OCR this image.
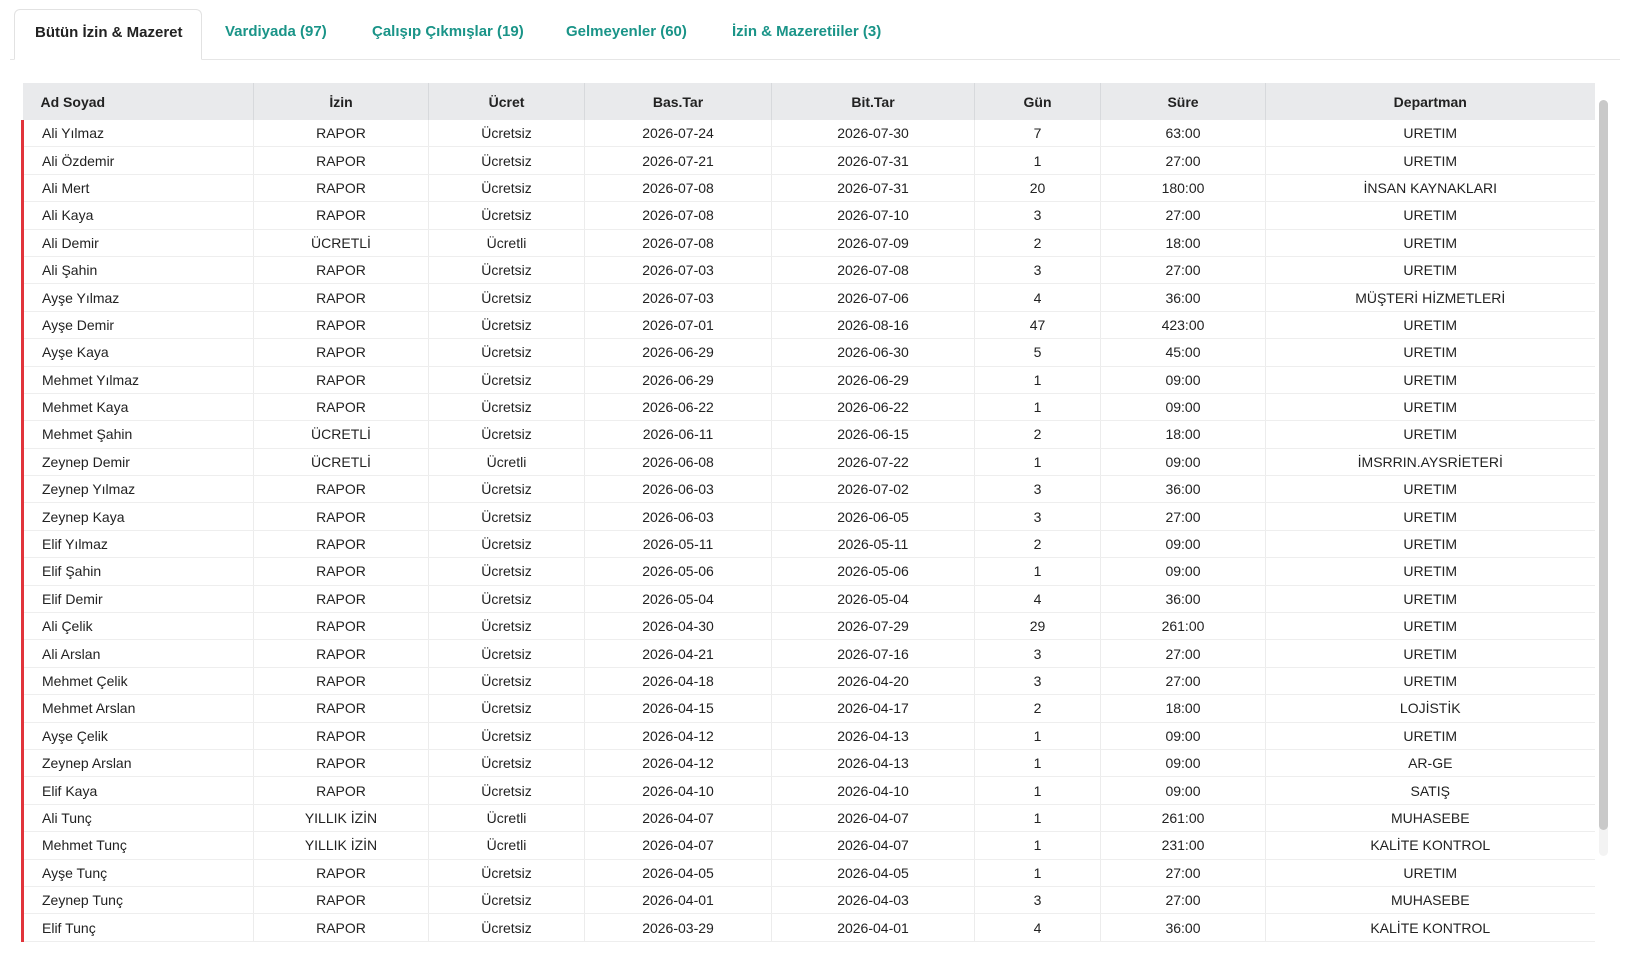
Bütün İzin & Mazeret	Vardiyada (97)	Çalışıp Çıkmışlar (19)	Gelmeyenler (60)	İzin & Mazeretiiler (3)
Ad Soyad	İzin	Ücret	Bas.Tar	Bit.Tar	Gün	Süre	Departman
Ali Yılmaz	RAPOR	Ücretsiz	2026-07-24	2026-07-30	7	63:00	URETIM
Ali Özdemir	RAPOR	Ücretsiz	2026-07-21	2026-07-31	1	27:00	URETIM
Ali Mert	RAPOR	Ücretsiz	2026-07-08	2026-07-31	20	180:00	İNSAN KAYNAKLARI
Ali Kaya	RAPOR	Ücretsiz	2026-07-08	2026-07-10	3	27:00	URETIM
Ali Demir	ÜCRETLİ	Ücretli	2026-07-08	2026-07-09	2	18:00	URETIM
Ali Şahin	RAPOR	Ücretsiz	2026-07-03	2026-07-08	3	27:00	URETIM
Ayşe Yılmaz	RAPOR	Ücretsiz	2026-07-03	2026-07-06	4	36:00	MÜŞTERİ HİZMETLERİ
Ayşe Demir	RAPOR	Ücretsiz	2026-07-01	2026-08-16	47	423:00	URETIM
Ayşe Kaya	RAPOR	Ücretsiz	2026-06-29	2026-06-30	5	45:00	URETIM
Mehmet Yılmaz	RAPOR	Ücretsiz	2026-06-29	2026-06-29	1	09:00	URETIM
Mehmet Kaya	RAPOR	Ücretsiz	2026-06-22	2026-06-22	1	09:00	URETIM
Mehmet Şahin	ÜCRETLİ	Ücretsiz	2026-06-11	2026-06-15	2	18:00	URETIM
Zeynep Demir	ÜCRETLİ	Ücretli	2026-06-08	2026-07-22	1	09:00	İMSRRIN.AYSRİETERİ
Zeynep Yılmaz	RAPOR	Ücretsiz	2026-06-03	2026-07-02	3	36:00	URETIM
Zeynep Kaya	RAPOR	Ücretsiz	2026-06-03	2026-06-05	3	27:00	URETIM
Elif Yılmaz	RAPOR	Ücretsiz	2026-05-11	2026-05-11	2	09:00	URETIM
Elif Şahin	RAPOR	Ücretsiz	2026-05-06	2026-05-06	1	09:00	URETIM
Elif Demir	RAPOR	Ücretsiz	2026-05-04	2026-05-04	4	36:00	URETIM
Ali Çelik	RAPOR	Ücretsiz	2026-04-30	2026-07-29	29	261:00	URETIM
Ali Arslan	RAPOR	Ücretsiz	2026-04-21	2026-07-16	3	27:00	URETIM
Mehmet Çelik	RAPOR	Ücretsiz	2026-04-18	2026-04-20	3	27:00	URETIM
Mehmet Arslan	RAPOR	Ücretsiz	2026-04-15	2026-04-17	2	18:00	LOJİSTİK
Ayşe Çelik	RAPOR	Ücretsiz	2026-04-12	2026-04-13	1	09:00	URETIM
Zeynep Arslan	RAPOR	Ücretsiz	2026-04-12	2026-04-13	1	09:00	AR-GE
Elif Kaya	RAPOR	Ücretsiz	2026-04-10	2026-04-10	1	09:00	SATIŞ
Ali Tunç	YILLIK İZİN	Ücretli	2026-04-07	2026-04-07	1	261:00	MUHASEBE
Mehmet Tunç	YILLIK İZİN	Ücretli	2026-04-07	2026-04-07	1	231:00	KALİTE KONTROL
Ayşe Tunç	RAPOR	Ücretsiz	2026-04-05	2026-04-05	1	27:00	URETIM
Zeynep Tunç	RAPOR	Ücretsiz	2026-04-01	2026-04-03	3	27:00	MUHASEBE
Elif Tunç	RAPOR	Ücretsiz	2026-03-29	2026-04-01	4	36:00	KALİTE KONTROL
